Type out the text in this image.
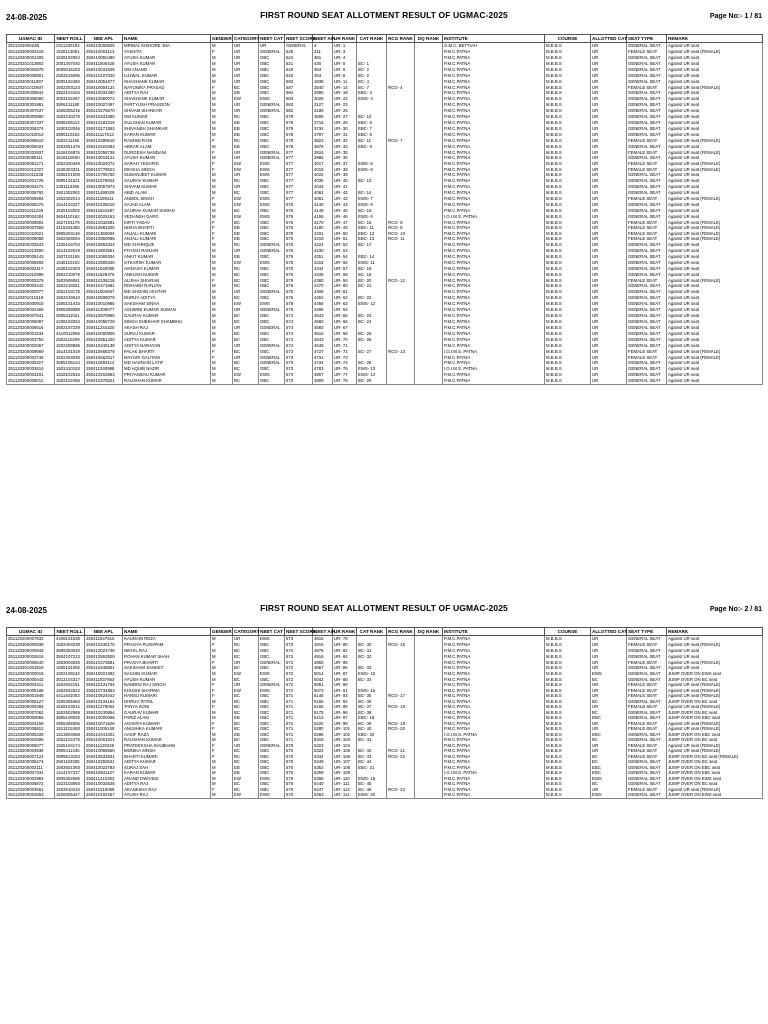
24-08-2025	FIRST ROUND SEAT ALLOTMENT RESULT OF UGMAC-2025	Page No:- 1 / 81
UGMAC ID	NEET ROLL	NEE APL	NAME	GENDER	CATEGORY	NEET CAT	NEET SCORE	NEET AIR	UR RANK	CAT RANK	RCG RANK	DQ RANK	INSTITUTE	COURSE	ALLOTTED CAT	SEAT TYPE	REMARK
251120200624B	2311330182	250410000825	MRINAL KISHORE JHA	M	UR	UR	GENERAL	4	UR- 1				G.M.C. BETTIAH	M.B.B.S	UR	GENERAL SEAT	Against UR seat
251120200003415	1528113051	250410003113	YASHITA	F	UR	GENERAL	626	311	UR- 3				P.M.C.PATNA	M.B.B.S	UR	FEMALE SEAT	Against UR seat (FEMALE)
251120200001305	1528102054	250410050480	AYUSH KUMAR	M	UR	OBC	624	361	UR- 4				P.M.C.PATNA	M.B.B.S	UR	GENERAL SEAT	Against UR seat
251120201013802	2001307040	250411606428	AYUSH KUMAR	M	UR	OBC	621	430	UR- 5	BC- 1			P.M.C.PATNA	M.B.B.S	UR	GENERAL SEAT	Against UR seat
251120200002875	3005015183	250410031549	OM ANAND	M	UR	OBC	620	453	UR- 6	BC- 2			P.M.C.PATNA	M.B.B.S	UR	GENERAL SEAT	Against UR seat
251120200008801	2502615096	250410107020	UJJWAL KUMAR	M	UR	OBC	620	453	UR- 6	BC- 2			P.M.C.PATNA	M.B.B.S	UR	GENERAL SEAT	Against UR seat
251120200011897	3005102460	250410051977	SHASHANK KUMAR	M	UR	OBC	593	1838	UR- 11	BC- 4			P.M.C.PATNA	M.B.B.S	UR	GENERAL SEAT	Against UR seat
251120201010937	1502303123	250410004134	NAYONIKA PRASAD	F	BC	OBC	587	2540	UR- 14	BC- 7	RCG- 4		P.M.C.PATNA	M.B.B.S	UR	FEMALE SEAT	Against UR seat (FEMALE)
251120200308844	3922104183	250410034360	ADITYA RAJ	M	EB	OBC	584	2980	UR- 19	EBC- 4			P.M.C.PATNA	M.B.B.S	UR	GENERAL SEAT	Against UR seat
251120200308080	3003102457	250410060072	SHASHANK KUMAR	M	EW	EWS	583	3028	UR- 22	EWS- 4			P.M.C.PATNA	M.B.B.S	UR	GENERAL SEAT	Against UR seat
251120200301981	3906211180	250410027497	PARTYUSH PRASOON	M	UR	GENERAL	583	3127	UR- 23				P.M.C.PATNA	M.B.B.S	UR	GENERAL SEAT	Against UR seat
251120200307637	1506305215	250410275670	SHIVAM SHANKAR	M	UR	GENERAL	582	3185	UR- 25				P.M.C.PATNA	M.B.B.S	UR	GENERAL SEAT	Against UR seat
251120200300880	1502210275	250410341085	OM KUMAR	M	BC	OBC	579	3698	UR- 27	BC- 10			P.M.C.PATNA	M.B.B.S	UR	GENERAL SEAT	Against UR seat
251120200307337	3905205114	250410182319	GULSHAN KUMAR	M	EB	OBC	579	3715	UR- 28	EBC- 6			P.M.C.PATNA	M.B.B.S	UR	GENERAL SEAT	Against UR seat
251120200306374	1530103046	250410171553	SHIVANSH SHANKAR	M	EB	OBC	579	3734	UR- 30	EBC- 7			P.M.C.PATNA	M.B.B.S	UR	GENERAL SEAT	Against UR seat
251120201010013	3905110162	250411117613	KARAN KUMAR	M	EB	OBC	578	3797	UR- 31	EBC- 8			P.M.C.PATNA	M.B.B.S	UR	GENERAL SEAT	Against UR seat
251120200006610	1502211165	250410289518	RASHMI RANI	F	BC	OBC	578	3823	UR- 32	BC- 11	RCG- 7		P.M.C.PATNA	M.B.B.S	UR	FEMALE SEAT	Against UR seat (FEMALE)
251120200006024	1502601476	250410422083	ABRAR ALAM	M	EB	OBC	578	3876	UR- 33	EBC- 9			P.M.C.PATNA	M.B.B.S	UR	GENERAL SEAT	Against UR seat
251120200202937	1529104876	250410258739	DURGESH NANDANI	F	UR	GENERAL	577	3924	UR- 35				P.M.C.PATNA	M.B.B.S	UR	FEMALE SEAT	Against UR seat (FEMALE)
251120200085111	1516110550	250410019121	AYUSH KUMAR	M	UR	GENERAL	577	3986	UR- 36				P.M.C.PATNA	M.B.B.S	UR	GENERAL SEAT	Against UR seat
251120200051271	1502320349	250410024072	SARAH YESHFIN	F	EW	EWS	577	4017	UR- 37	EWS- 5			P.M.C.PATNA	M.B.B.S	UR	FEMALE SEAT	Against UR seat (FEMALE)
251120201012327	1535303331	250410779523	DIKSHA SINGH	F	EW	EWS	577	4018	UR- 38	EWS- 6			P.M.C.PATNA	M.B.B.S	UR	FEMALE SEAT	Against UR seat (FEMALE)
251120201011538	1508101008	250410706750	SUMANJEET KUMAR	M	UR	EWS	577	4022	UR- 39				P.M.C.PATNA	M.B.B.S	UR	GENERAL SEAT	Against UR seat
251120201001725	3905101621	250411078603	SAURAV KUMAR	M	BC	OBC	577	4036	UR- 40	BC- 13			P.M.C.PATNA	M.B.B.S	UR	GENERAL SEAT	Against UR seat
251120200004272	2301113356	250410057873	SHIVAM KUMAR	M	UR	OBC	577	4044	UR- 41				P.M.C.PATNA	M.B.B.S	UR	GENERAL SEAT	Against UR seat
251120200006792	3921302062	250411495329	ABID ALAM	M	BC	OBC	577	4062	UR- 42	BC- 14			P.M.C.PATNA	M.B.B.S	UR	GENERAL SEAT	Against UR seat
251120200006594	1502302014	250411189411	ANMOL SINGH	F	EW	EWS	577	4081	UR- 43	EWS- 7			P.M.C.PATNA	M.B.B.S	UR	FEMALE SEAT	Against UR seat (FEMALE)
251120200006376	1514104247	250410106018	SAJAD ALAM	M	EW	EWS	576	4148	UR- 44	EWS- 8			P.M.C.PATNA	M.B.B.S	UR	GENERAL SEAT	Against UR seat
251120201011249	1525104002	250411541687	SAURAV KUMAR SUMAN	M	BC	OBC	576	4149	UR- 45	BC- 15			P.M.C.PATNA	M.B.B.S	UR	GENERAL SEAT	Against UR seat
251120200004304	3604110182	250410025163	VEDANSH GARG	M	EW	EWS	576	4155	UR- 46	EWS- 8			I.G.I.M.S. PATNA	M.B.B.S	UR	GENERAL SEAT	Against UR seat
251120200006504	1527101179	250410332681	KIRTI YADAV	F	BC	OBC	576	4170	UR- 47	BC- 16	RCG- 8		P.M.C.PATNA	M.B.B.S	UR	FEMALE SEAT	Against UR seat (FEMALE)
251120200007569	3115204380	250410681606	NISHA BHARTI	F	EB	OBC	576	4180	UR- 49	EBC- 11	RCG- 9		P.M.C.PATNA	M.B.B.S	UR	FEMALE SEAT	Against UR seat (FEMALE)
251120201010021	3905203146	250411360694	ANJALI KUMARI	F	EB	OBC	576	4201	UR- 50	EBC- 12	RCG- 10		P.M.C.PATNA	M.B.B.S	UR	FEMALE SEAT	Against UR seat (FEMALE)
251120200009088	1502308294	250410850088	ANJALI KUMARI	F	EB	OBC	576	4218	UR- 51	EBC- 13	RCG- 11		P.M.C.PATNA	M.B.B.S	UR	FEMALE SEAT	Against UR seat (FEMALE)
251120200202543	1225104704	250410653344	MD SHARIQUE	M	BC	GENERAL	576	4224	UR- 52	BC- 17			P.M.C.PATNA	M.B.B.S	UR	GENERAL SEAT	Against UR seat
251120201013500	1514102519	250410803661	PIYUSH RANJAN	M	UR	GENERAL	576	4230	UR- 53				P.M.C.PATNA	M.B.B.S	UR	GENERAL SEAT	Against UR seat
251120200005143	1507101165	250412065304	ANKIT KUMAR	M	EB	OBC	576	4251	UR- 54	EBC- 14			P.M.C.PATNA	M.B.B.S	UR	GENERAL SEAT	Against UR seat
251120200006905	1536110163	250410505340	UTKARSH KUMAR	M	EW	EWS	575	4315	UR- 56	EWS- 11			P.M.C.PATNA	M.B.B.S	UR	GENERAL SEAT	Against UR seat
251120200002117	1528102403	250411040088	AVINASH KUMAR	M	BC	OBC	575	4344	UR- 57	BC- 18			P.M.C.PATNA	M.B.B.S	UR	GENERAL SEAT	Against UR seat
251120201010999	3902210078	250411629376	ANKUSH KUMAR	M	BC	OBC	575	4349	UR- 58	BC- 19			P.M.C.PATNA	M.B.B.S	UR	GENERAL SEAT	Against UR seat
251120200003379	1502506061	250410106216	ALISHA SHIVRAN	F	BC	OBC	575	4360	UR- 59	BC- 20	RCG- 12		P.M.C.PATNA	M.B.B.S	UR	FEMALE SEAT	Against UR seat (FEMALE)
251120200003442	1502219251	250410471681	RISHABH RANJAN	M	BC	OBC	575	4370	UR- 60	BC- 21			P.M.C.PATNA	M.B.B.S	UR	GENERAL SEAT	Against UR seat
251120200000077	1502103175	250411004667	MD SHOAIB AKHTAR	M	UR	GENERAL	575	4408	UR- 61				P.M.C.PATNA	M.B.B.S	UR	GENERAL SEAT	Against UR seat
251120201011519	1502219610	250410508079	DHRUV ADITYA	M	BC	OBC	575	4452	UR- 62	BC- 22			P.M.C.PATNA	M.B.B.S	UR	GENERAL SEAT	Against UR seat
251120200000915	1505101415	250410010985	SAKSHAM SINHA	M	EW	EWS	575	4456	UR- 63	EWS- 12			P.M.C.PATNA	M.B.B.S	UR	GENERAL SEAT	Against UR seat
251120200002468	3905308088	250411308077	ASHWINI KUMAR SUMAN	M	UR	GENERAL	575	4496	UR- 64				P.M.C.PATNA	M.B.B.S	UR	GENERAL SEAT	Against UR seat
251120200007641	3905311021	250410970868	GAURAV KUMAR	M	BC	OBC	574	4543	UR- 65	BC- 23			P.M.C.PATNA	M.B.B.S	UR	GENERAL SEAT	Against UR seat
251120200005097	2208102034	250410058728	SINGH SHEKHAR SHAMBHU	M	BC	OBC	574	4560	UR- 66	BC- 24			P.M.C.PATNA	M.B.B.S	UR	GENERAL SEAT	Against UR seat
251120200006616	2602107229	250411244320	AKASH RAJ	M	UR	GENERAL	574	4583	UR- 67				P.M.C.PATNA	M.B.B.S	UR	GENERAL SEAT	Against UR seat
251120200001534	4410012056	250410000905	SURAJ KUMAR	M	BC	OBC	574	4616	UR- 68	BC- 25			P.M.C.PATNA	M.B.B.S	UR	GENERAL SEAT	Against UR seat
251120200003752	2502110209	250410851420	ADITYA KUMAR	M	BC	OBC	574	4643	UR- 70	BC- 26			P.M.C.PATNA	M.B.B.S	UR	GENERAL SEAT	Against UR seat
251120200002067	1502209565	250410246138	ADITYA NARAYAN	M	UR	GENERAL	574	4648	UR- 71				P.M.C.PATNA	M.B.B.S	UR	GENERAL SEAT	Against UR seat
251120200009669	1514101019	250410668379	PALAK BHARTI	F	BC	OBC	573	4727	UR- 72	BC- 27	RCG- 13		I.G.I.M.S. PATNA	M.B.B.S	UR	FEMALE SEAT	Against UR seat (FEMALE)
251120200002746	1502304036	250410662517	MAYURI GAUTAM	F	UR	GENERAL	573	4731	UR- 73				P.M.C.PATNA	M.B.B.S	UR	FEMALE SEAT	Against UR seat (FEMALE)
251120200005327	3905106124	250410693113	MD HASNAIN LATIF	M	BC	GENERAL	573	4734	UR- 74	BC- 28			P.M.C.PATNA	M.B.B.S	UR	GENERAL SEAT	Against UR seat
251120200002616	1502410153	250411040988	MD AQUIB NAZIR	M	BC	OBC	573	4783	UR- 76	EWS- 13			I.G.I.M.S. PATNA	M.B.B.S	UR	GENERAL SEAT	Against UR seat
251120200003191	1518102516	250410202863	PRIYANSHU KUMAR	M	EW	EWS	573	4807	UR- 77	EWS- 14			P.M.C.PATNA	M.B.B.S	UR	GENERAL SEAT	Against UR seat
251120200009011	1502102455	250410375521	RAUSHAN KUMAR	M	BC	OBC	573	4809	UR- 78	BC- 29			P.M.C.PATNA	M.B.B.S	UR	GENERAL SEAT	Against UR seat
24-08-2025	FIRST ROUND SEAT ALLOTMENT RESULT OF UGMAC-2025	Page No:- 2 / 81
UGMAC ID	NEET ROLL	NEE APL	NAME	GENDER	CATEGORY	NEET CAT	NEET SCORE	NEET AIR	UR RANK	CAT RANK	RCG RANK	DQ RANK	INSTITUTE	COURSE	ALLOTTED CAT	SEAT TYPE	REMARK
251120200007832	4408101538	250411547510	KAUNAIN REZA	M	UR	EWS	573	4815	UR- 79				P.M.C.PATNA	M.B.B.S	UR	GENERAL SEAT	Against UR seat
251120200000939	1502404038	250410245175	PRAGYA PUSHPAM	F	BC	OBC	573	4816	UR- 80	BC- 30	RCG- 15		P.M.C.PATNA	M.B.B.S	UR	FEMALE SEAT	Against UR seat (FEMALE)
251120200000943	3905303040	250410021748	NIKHIL RAJ	M	BC	OBC	572	4876	UR- 82	BC- 31			P.M.C.PATNA	M.B.B.S	UR	GENERAL SEAT	Against UR seat
251120200002616	3804107213	250410553509	ROHAN KUMAR SHAH	M	BC	OBC	572	4916	UR- 84	BC- 32			P.M.C.PATNA	M.B.B.S	UR	GENERAL SEAT	Against UR seat
251120200006640	1503004026	250410473581	PRAGYA BHARTI	F	UR	GENERAL	572	4960	UR- 85				P.M.C.PATNA	M.B.B.S	UR	FEMALE SEAT	Against UR seat (FEMALE)
251120201001918	1505101065	250410445901	SAKSHAM SANKET	M	BC	OBC	572	4967	UR- 86	BC- 33			P.M.C.PATNA	M.B.B.S	UR	GENERAL SEAT	Against UR seat
251120200000016	1502108142	250410021992	SACHIN KUMAR	M	EW	EWS	572	5014	UR- 87	EWS- 15			P.M.C.PATNA	M.B.B.S	EWS	GENERAL SEAT	JUMP OVER ON EWS seat
251120200000443	3012104317	250411837853	AYUSH KUMAR	M	BC	OBC	572	5042	UR- 88	BC- 34			P.M.C.PATNA	M.B.B.S	BC	GENERAL SEAT	JUMP OVER ON BC seat
251120200003411	1502502151	250410131754	NANDINI RAJ SINGH	F	UR	GENERAL	572	5051	UR- 90				P.M.C.PATNA	M.B.B.S	UR	FEMALE SEAT	Against UR seat (FEMALE)
251120200005188	1502602522	250410734853	KHUSHI SHARMA	F	EW	EWS	572	5073	UR- 91	EWS- 16			P.M.C.PATNA	M.B.B.S	UR	FEMALE SEAT	Against UR seat (FEMALE)
251120200001948	4411401003	250410524043	HANSU KUMARI	F	BC	OBC	571	5146	UR- 93	BC- 35	RCG- 17		P.M.C.PATNA	M.B.B.S	UR	FEMALE SEAT	Against UR seat (FEMALE)
251120200006127	1505305453	250410134161	DHRUV PATEL	M	BC	OBC	571	5156	UR- 94	BC- 36			P.M.C.PATNA	M.B.B.S	BC	GENERAL SEAT	JUMP OVER ON BC seat
251120200000284	1528103012	250411275062	TANYA SONI	F	BC	OBC	571	5165	UR- 95	BC- 37	RCG- 18		P.M.C.PATNA	M.B.B.S	UR	FEMALE SEAT	Against UR seat (FEMALE)
251120200007062	1502502589	250410230854	GAURAV KUMAR	M	BC	OBC	571	5175	UR- 96	BC- 38			P.M.C.PATNA	M.B.B.S	BC	GENERAL SEAT	JUMP OVER ON BC seat
251120200000056	3905108026	250410000068	FARIZ ALAM	M	EB	OBC	571	5213	UR- 97	EBC- 18			P.M.C.PATNA	M.B.B.S	EBC	GENERAL SEAT	JUMP OVER ON EBC seat
251120200004159	3905408306	250410071626	AGAMYA KUMARI	F	BC	OBC	571	5220	UR- 98	BC- 39	RCG- 19		P.M.C.PATNA	M.B.B.S	UR	FEMALE SEAT	Against UR seat (FEMALE)
251120200008812	1513102493	250411005248	ANUSHKA KUMARI	F	BC	OBC	571	5280	UR- 101	BC- 40	RCG- 20		P.M.C.PATNA	M.B.B.S	UR	FEMALE SEAT	Against UR seat (FEMALE)
251120200005228	1513804068	250410441601	AASIF RAZA	M	EB	OBC	571	5286	UR- 102	EBC- 20			I.G.I.M.S. PATNA	M.B.B.S	EBC	GENERAL SEAT	JUMP OVER ON EBC seat
251120200002695	1502102476	250410001621	RAUSHAN KUMAR	M	BC	OBC	571	5315	UR- 103	BC- 41			P.M.C.PATNA	M.B.B.S	BC	GENERAL SEAT	JUMP OVER ON BC seat
251120200005077	1525104174	250411120248	PRATEEKSHA SHUBHAM	F	UR	GENERAL	570	5323	UR- 104				P.M.C.PATNA	M.B.B.S	UR	FEMALE SEAT	Against UR seat (FEMALE)
251120200004838	3905411436	250410066560	MONIKA SINGH	F	BC	OBC	570	5324	UR- 105	BC- 42	RCG- 21		P.M.C.PATNA	M.B.B.S	UR	FEMALE SEAT	Against UR seat (FEMALE)
251120200007124	3905513183	250410634531	BHARTI KUMARI	F	BC	OBC	570	5344	UR- 106	BC- 43	RCG- 22		P.M.C.PATNA	M.B.B.S	BC	FEMALE SEAT	JUMP OVER ON BC seat (FEMALE)
251120200005474	2601103335	250410250621	ADITYA KUMAR	M	BC	OBC	570	5349	UR- 107	BC- 44			P.M.C.PATNA	M.B.B.S	BC	GENERAL SEAT	JUMP OVER ON BC seat
251120200002111	1502601393	250410023783	SURAJ SAH	M	EB	OBC	570	5352	UR- 108	EBC- 21			P.M.C.PATNA	M.B.B.S	EBC	GENERAL SEAT	JUMP OVER ON EBC seat
251120200007344	1414107317	250410841127	KARAN KUMAR	M	EB	OBC	570	5359	UR- 109				I.G.I.M.S. PATNA	M.B.B.S	EBC	GENERAL SEAT	JUMP OVER ON EBC seat
251120200002983	3905302595	250411410363	ANAND DWIVEDI	M	EW	EWS	570	5368	UR- 110	EWS- 19			P.M.C.PATNA	M.B.B.S	EWS	GENERAL SEAT	JUMP OVER ON EWS seat
251120200005872	1523103093	250410034826	ADITYA RAJ	M	BC	OBC	570	5440	UR- 111	BC- 45			P.M.C.PATNA	M.B.B.S	BC	GENERAL SEAT	JUMP OVER ON BC seat
251120200003661	1502610216	250411015058	AKANKSHA RAJ	F	BC	OBC	570	5447	UR- 113	BC- 46	RCG- 23		P.M.C.PATNA	M.B.B.S	UR	FEMALE SEAT	Against UR seat (FEMALE)
251120200002563	1528305447	250410102257	AYUSH RAJ	M	EW	EWS	570	5453	UR- 114	EWS- 20			P.M.C.PATNA	M.B.B.S	EWS	GENERAL SEAT	JUMP OVER ON EWS seat
